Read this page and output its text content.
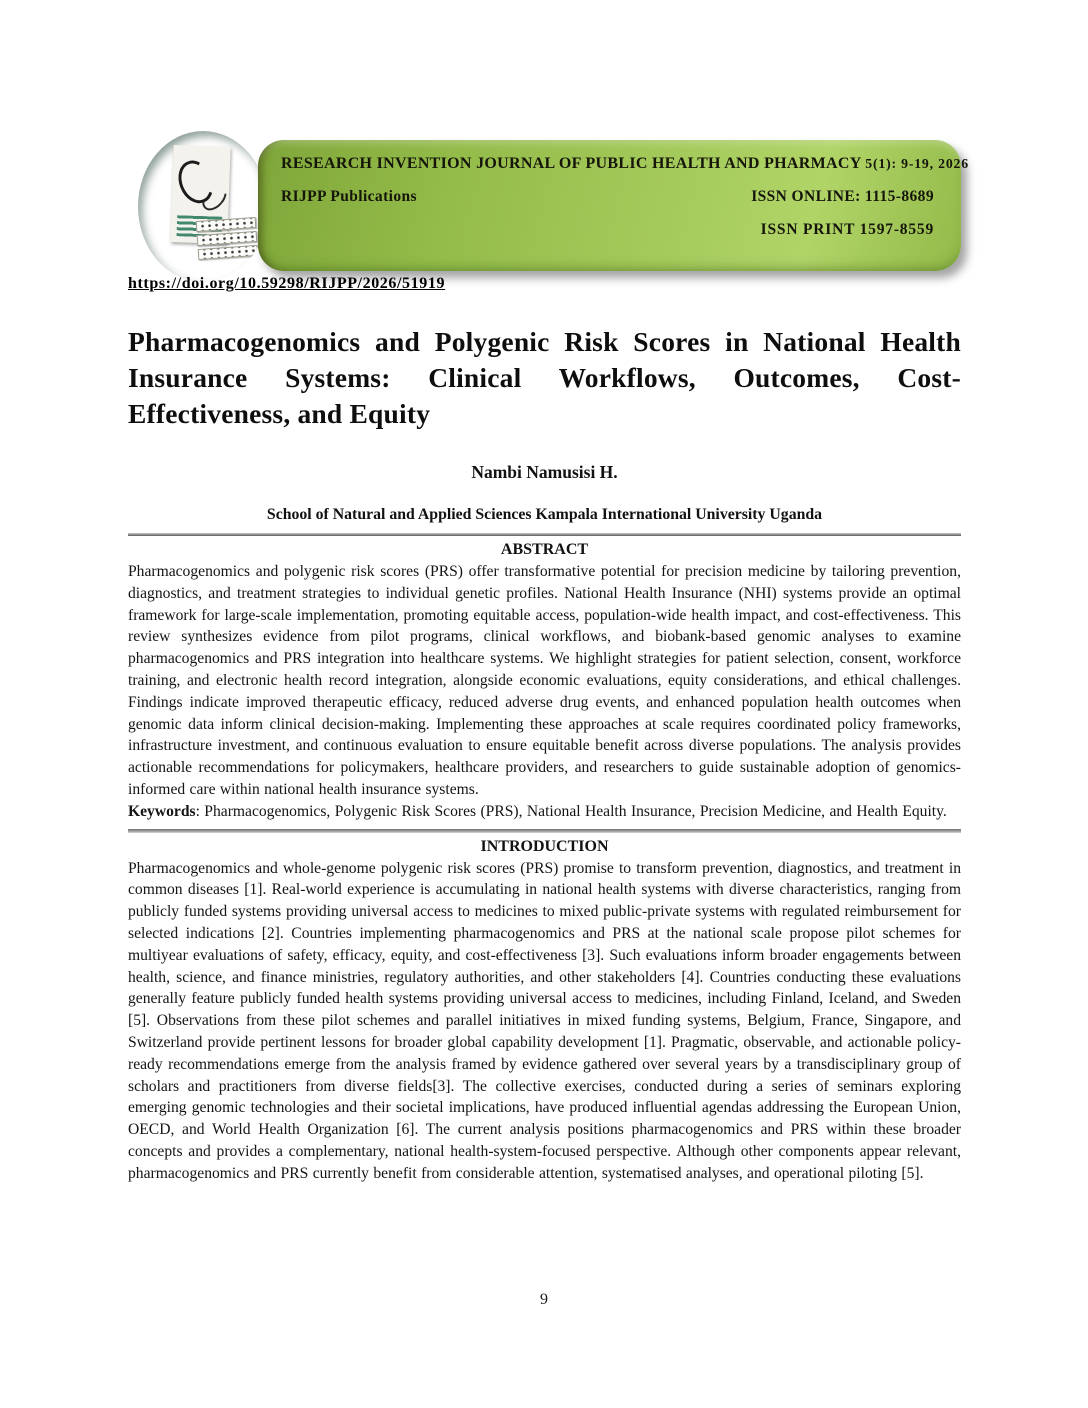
RESEARCH INVENTION JOURNAL OF PUBLIC HEALTH AND PHARMACY 5(1): 9-19, 2026
RIJPP Publications	ISSN ONLINE: 1115-8689
ISSN PRINT 1597-8559
https://doi.org/10.59298/RIJPP/2026/51919
Pharmacogenomics and Polygenic Risk Scores in National Health Insurance Systems: Clinical Workflows, Outcomes, Cost-Effectiveness, and Equity
Nambi Namusisi H.
School of Natural and Applied Sciences Kampala International University Uganda
ABSTRACT

Pharmacogenomics and polygenic risk scores (PRS) offer transformative potential for precision medicine by tailoring prevention, diagnostics, and treatment strategies to individual genetic profiles. National Health Insurance (NHI) systems provide an optimal framework for large-scale implementation, promoting equitable access, population-wide health impact, and cost-effectiveness. This review synthesizes evidence from pilot programs, clinical workflows, and biobank-based genomic analyses to examine pharmacogenomics and PRS integration into healthcare systems. We highlight strategies for patient selection, consent, workforce training, and electronic health record integration, alongside economic evaluations, equity considerations, and ethical challenges. Findings indicate improved therapeutic efficacy, reduced adverse drug events, and enhanced population health outcomes when genomic data inform clinical decision-making. Implementing these approaches at scale requires coordinated policy frameworks, infrastructure investment, and continuous evaluation to ensure equitable benefit across diverse populations. The analysis provides actionable recommendations for policymakers, healthcare providers, and researchers to guide sustainable adoption of genomics-informed care within national health insurance systems.

Keywords: Pharmacogenomics, Polygenic Risk Scores (PRS), National Health Insurance, Precision Medicine, and Health Equity.

INTRODUCTION

Pharmacogenomics and whole-genome polygenic risk scores (PRS) promise to transform prevention, diagnostics, and treatment in common diseases [1]. Real-world experience is accumulating in national health systems with diverse characteristics, ranging from publicly funded systems providing universal access to medicines to mixed public-private systems with regulated reimbursement for selected indications [2]. Countries implementing pharmacogenomics and PRS at the national scale propose pilot schemes for multiyear evaluations of safety, efficacy, equity, and cost-effectiveness [3]. Such evaluations inform broader engagements between health, science, and finance ministries, regulatory authorities, and other stakeholders [4]. Countries conducting these evaluations generally feature publicly funded health systems providing universal access to medicines, including Finland, Iceland, and Sweden [5]. Observations from these pilot schemes and parallel initiatives in mixed funding systems, Belgium, France, Singapore, and Switzerland provide pertinent lessons for broader global capability development [1]. Pragmatic, observable, and actionable policy-ready recommendations emerge from the analysis framed by evidence gathered over several years by a transdisciplinary group of scholars and practitioners from diverse fields[3]. The collective exercises, conducted during a series of seminars exploring emerging genomic technologies and their societal implications, have produced influential agendas addressing the European Union, OECD, and World Health Organization [6]. The current analysis positions pharmacogenomics and PRS within these broader concepts and provides a complementary, national health-system-focused perspective. Although other components appear relevant, pharmacogenomics and PRS currently benefit from considerable attention, systematised analyses, and operational piloting [5].

9
